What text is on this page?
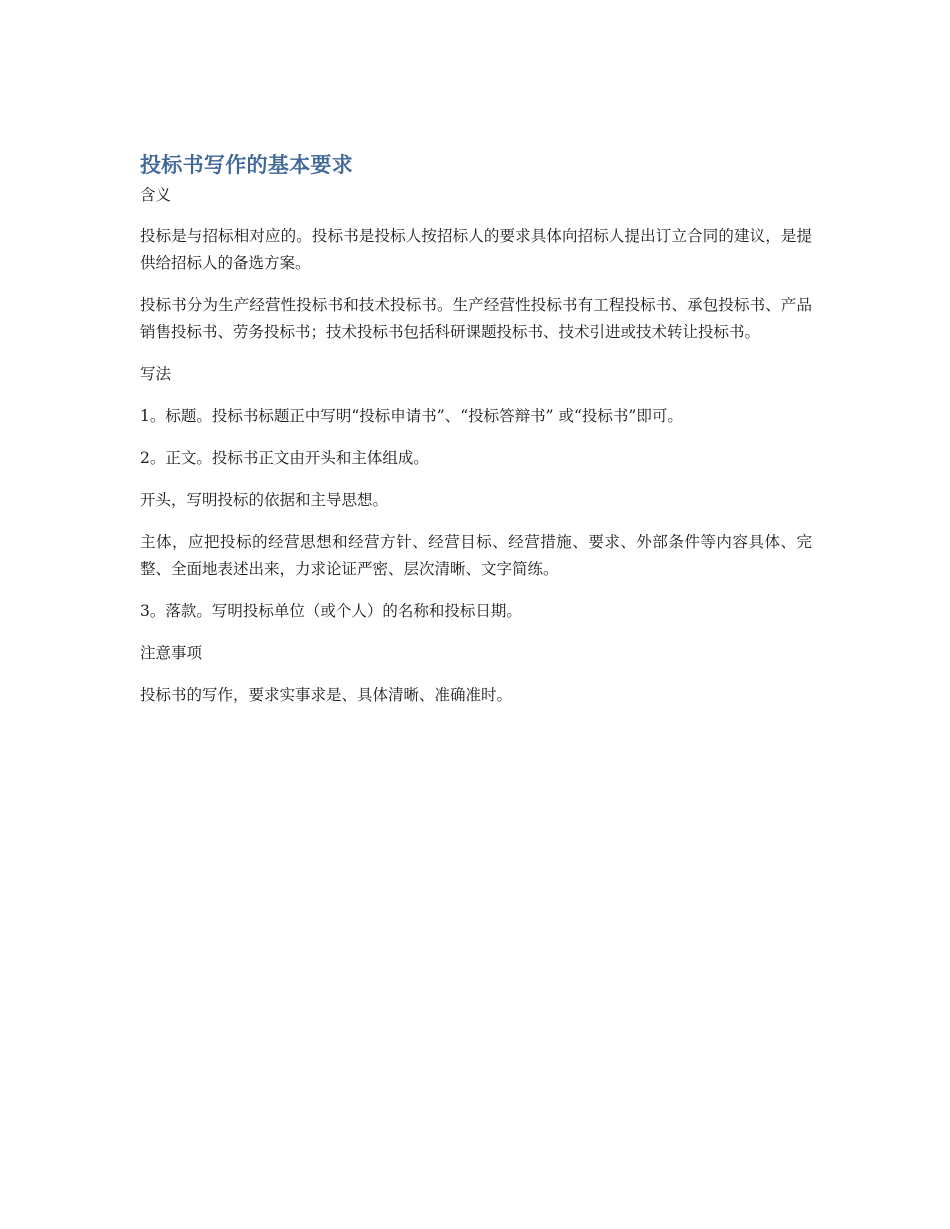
投标书写作的基本要求

含义

投标是与招标相对应的。投标书是投标人按招标人的要求具体向招标人提出订立合同的建议，是提供给招标人的备选方案。

投标书分为生产经营性投标书和技术投标书。生产经营性投标书有工程投标书、承包投标书、产品销售投标书、劳务投标书；技术投标书包括科研课题投标书、技术引进或技术转让投标书。

写法

1。标题。投标书标题正中写明“投标申请书”、“投标答辩书” 或“投标书”即可。

2。正文。投标书正文由开头和主体组成。

开头，写明投标的依据和主导思想。

主体，应把投标的经营思想和经营方针、经营目标、经营措施、要求、外部条件等内容具体、完整、全面地表述出来，力求论证严密、层次清晰、文字简练。

3。落款。写明投标单位（或个人）的名称和投标日期。

注意事项

投标书的写作，要求实事求是、具体清晰、准确准时。
